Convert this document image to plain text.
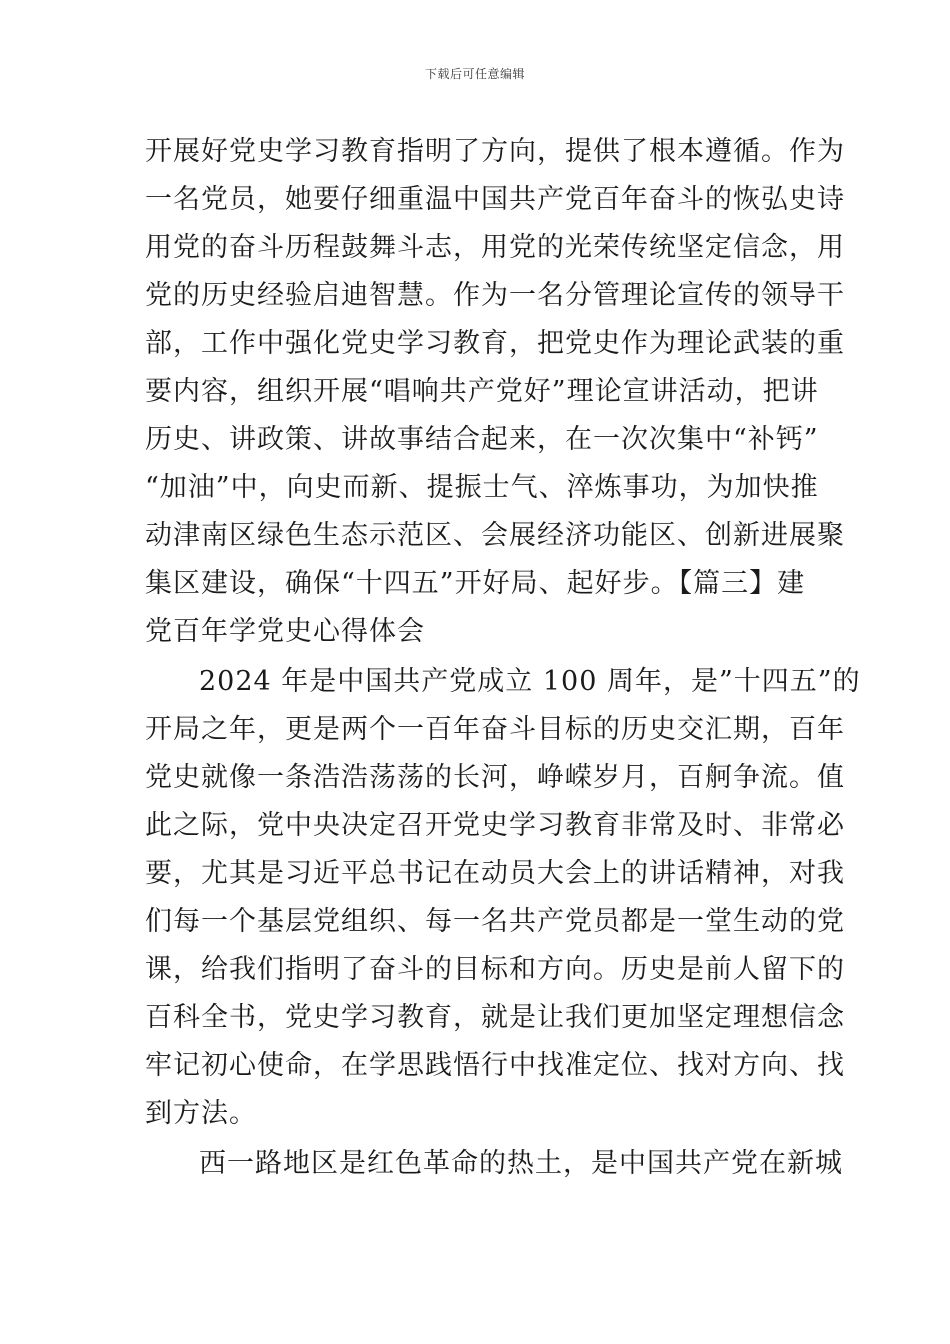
下载后可任意编辑
开展好党史学习教育指明了方向，提供了根本遵循。作为
一名党员，她要仔细重温中国共产党百年奋斗的恢弘史诗
用党的奋斗历程鼓舞斗志，用党的光荣传统坚定信念，用
党的历史经验启迪智慧。作为一名分管理论宣传的领导干
部，工作中强化党史学习教育，把党史作为理论武装的重
要内容，组织开展“唱响共产党好”理论宣讲活动，把讲
历史、讲政策、讲故事结合起来，在一次次集中“补钙”
“加油”中，向史而新、提振士气、淬炼事功，为加快推
动津南区绿色生态示范区、会展经济功能区、创新进展聚
集区建设，确保“十四五”开好局、起好步。【篇三】建
党百年学党史心得体会
2024 年是中国共产党成立 100 周年，是”十四五”的
开局之年，更是两个一百年奋斗目标的历史交汇期，百年
党史就像一条浩浩荡荡的长河，峥嵘岁月，百舸争流。值
此之际，党中央决定召开党史学习教育非常及时、非常必
要，尤其是习近平总书记在动员大会上的讲话精神，对我
们每一个基层党组织、每一名共产党员都是一堂生动的党
课，给我们指明了奋斗的目标和方向。历史是前人留下的
百科全书，党史学习教育，就是让我们更加坚定理想信念
牢记初心使命，在学思践悟行中找准定位、找对方向、找
到方法。
西一路地区是红色革命的热土，是中国共产党在新城
